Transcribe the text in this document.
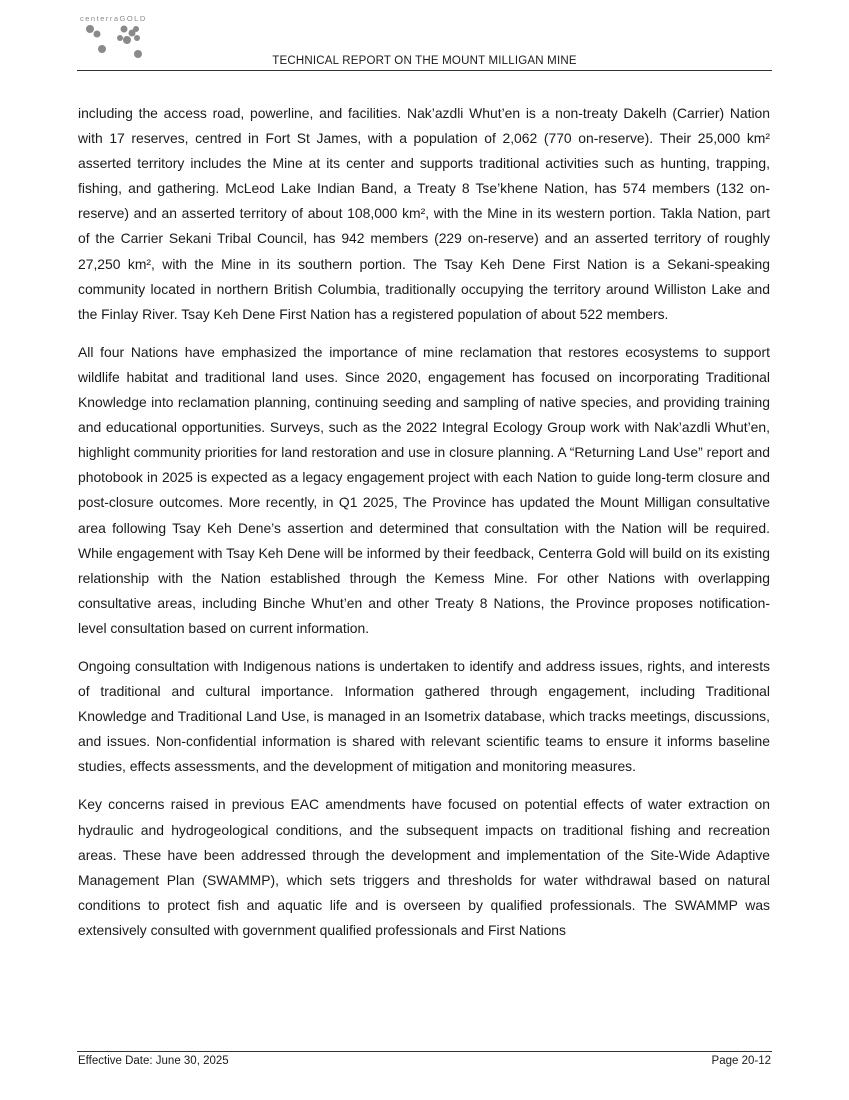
centerraGOLD
TECHNICAL REPORT ON THE MOUNT MILLIGAN MINE

including the access road, powerline, and facilities. Nak’azdli Whut’en is a non-treaty Dakelh (Carrier) Nation with 17 reserves, centred in Fort St James, with a population of 2,062 (770 on-reserve). Their 25,000 km² asserted territory includes the Mine at its center and supports traditional activities such as hunting, trapping, fishing, and gathering. McLeod Lake Indian Band, a Treaty 8 Tse’khene Nation, has 574 members (132 on-reserve) and an asserted territory of about 108,000 km², with the Mine in its western portion. Takla Nation, part of the Carrier Sekani Tribal Council, has 942 members (229 on-reserve) and an asserted territory of roughly 27,250 km², with the Mine in its southern portion. The Tsay Keh Dene First Nation is a Sekani-speaking community located in northern British Columbia, traditionally occupying the territory around Williston Lake and the Finlay River. Tsay Keh Dene First Nation has a registered population of about 522 members.

All four Nations have emphasized the importance of mine reclamation that restores ecosystems to support wildlife habitat and traditional land uses. Since 2020, engagement has focused on incorporating Traditional Knowledge into reclamation planning, continuing seeding and sampling of native species, and providing training and educational opportunities. Surveys, such as the 2022 Integral Ecology Group work with Nak’azdli Whut’en, highlight community priorities for land restoration and use in closure planning. A “Returning Land Use” report and photobook in 2025 is expected as a legacy engagement project with each Nation to guide long-term closure and post-closure outcomes. More recently, in Q1 2025, The Province has updated the Mount Milligan consultative area following Tsay Keh Dene’s assertion and determined that consultation with the Nation will be required. While engagement with Tsay Keh Dene will be informed by their feedback, Centerra Gold will build on its existing relationship with the Nation established through the Kemess Mine. For other Nations with overlapping consultative areas, including Binche Whut’en and other Treaty 8 Nations, the Province proposes notification-level consultation based on current information.

Ongoing consultation with Indigenous nations is undertaken to identify and address issues, rights, and interests of traditional and cultural importance. Information gathered through engagement, including Traditional Knowledge and Traditional Land Use, is managed in an Isometrix database, which tracks meetings, discussions, and issues. Non-confidential information is shared with relevant scientific teams to ensure it informs baseline studies, effects assessments, and the development of mitigation and monitoring measures.

Key concerns raised in previous EAC amendments have focused on potential effects of water extraction on hydraulic and hydrogeological conditions, and the subsequent impacts on traditional fishing and recreation areas. These have been addressed through the development and implementation of the Site-Wide Adaptive Management Plan (SWAMMP), which sets triggers and thresholds for water withdrawal based on natural conditions to protect fish and aquatic life and is overseen by qualified professionals. The SWAMMP was extensively consulted with government qualified professionals and First Nations

Effective Date: June 30, 2025	Page 20-12
